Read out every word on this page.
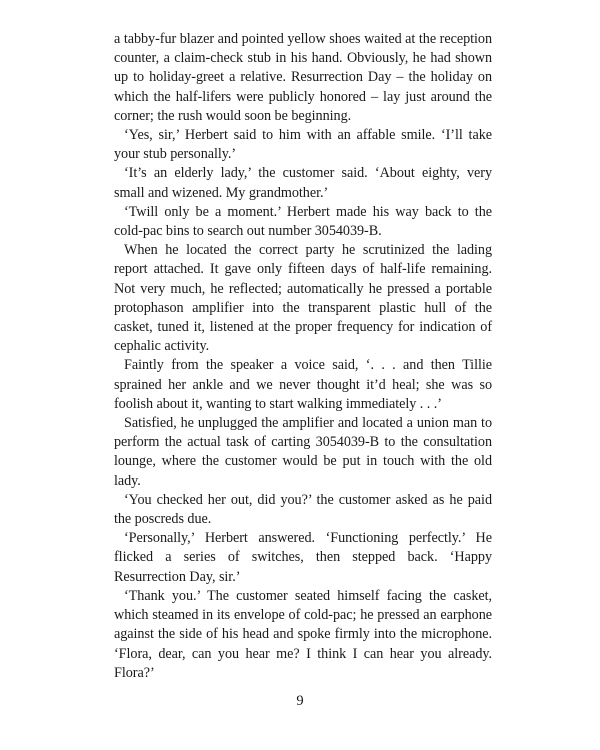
a tabby-fur blazer and pointed yellow shoes waited at the reception counter, a claim-check stub in his hand. Obviously, he had shown up to holiday-greet a relative. Resurrection Day – the holiday on which the half-lifers were publicly honored – lay just around the corner; the rush would soon be beginning.

‘Yes, sir,’ Herbert said to him with an affable smile. ‘I’ll take your stub personally.’

‘It’s an elderly lady,’ the customer said. ‘About eighty, very small and wizened. My grandmother.’

‘Twill only be a moment.’ Herbert made his way back to the cold-pac bins to search out number 3054039-B.

When he located the correct party he scrutinized the lading report attached. It gave only fifteen days of half-life remaining. Not very much, he reflected; automatically he pressed a portable protophason amplifier into the transparent plastic hull of the casket, tuned it, listened at the proper frequency for indication of cephalic activity.

Faintly from the speaker a voice said, ‘. . . and then Tillie sprained her ankle and we never thought it’d heal; she was so foolish about it, wanting to start walking immediately . . .’

Satisfied, he unplugged the amplifier and located a union man to perform the actual task of carting 3054039-B to the consultation lounge, where the customer would be put in touch with the old lady.

‘You checked her out, did you?’ the customer asked as he paid the poscreds due.

‘Personally,’ Herbert answered. ‘Functioning perfectly.’ He flicked a series of switches, then stepped back. ‘Happy Resurrection Day, sir.’

‘Thank you.’ The customer seated himself facing the casket, which steamed in its envelope of cold-pac; he pressed an earphone against the side of his head and spoke firmly into the microphone. ‘Flora, dear, can you hear me? I think I can hear you already. Flora?’

9
